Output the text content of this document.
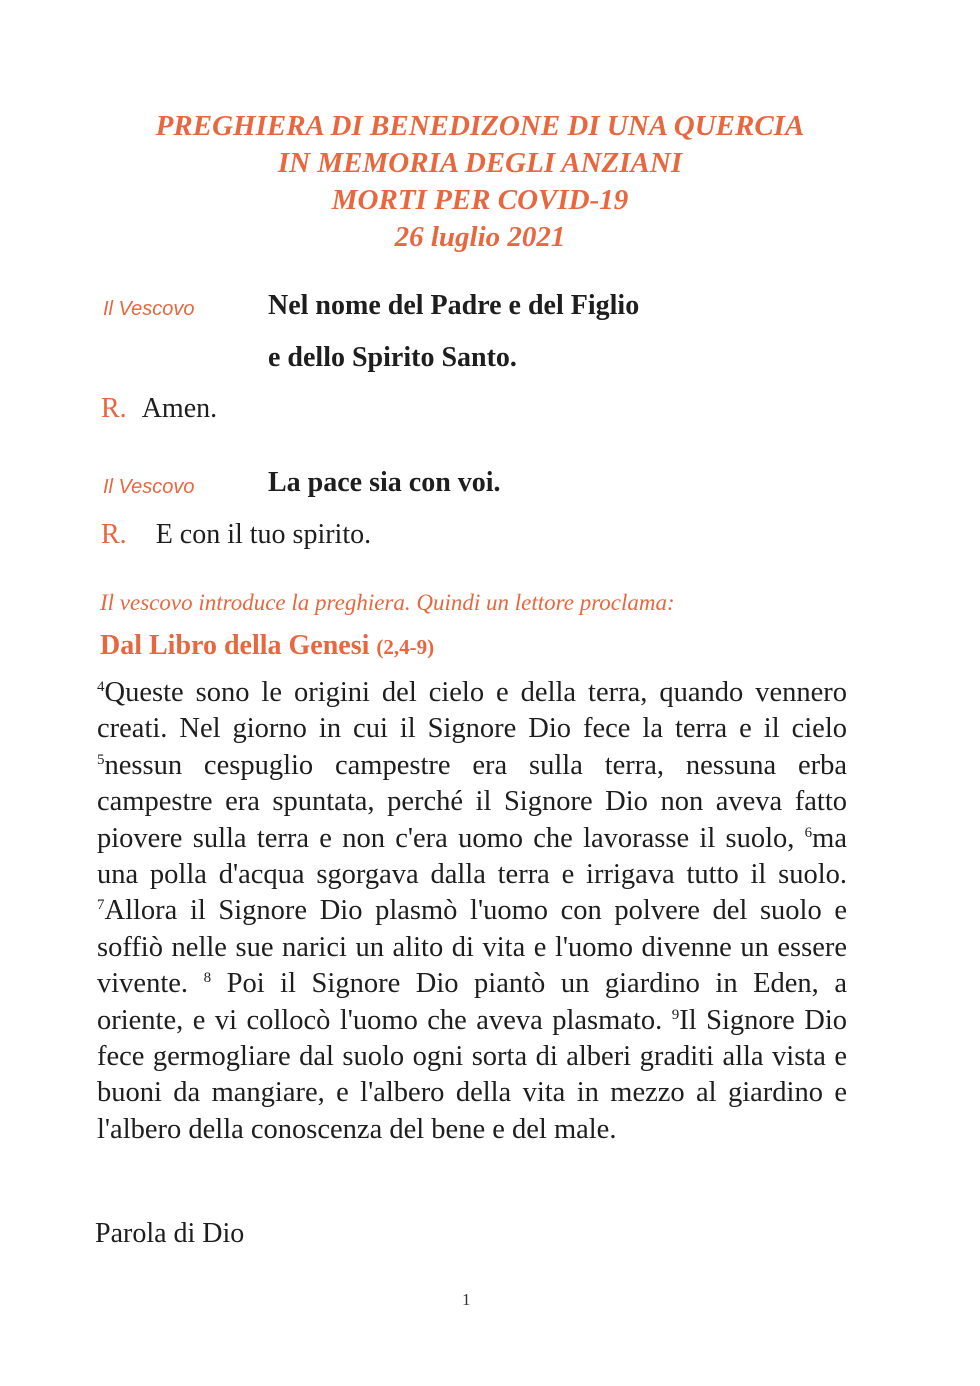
PREGHIERA DI BENEDIZONE DI UNA QUERCIA
IN MEMORIA DEGLI ANZIANI
MORTI PER COVID-19
26 luglio 2021
Il Vescovo	Nel nome del Padre e del Figlio
e dello Spirito Santo.
R. Amen.
Il Vescovo	La pace sia con voi.
R. E con il tuo spirito.
Il vescovo introduce la preghiera. Quindi un lettore proclama:
Dal Libro della Genesi (2,4-9)
$^4$Queste sono le origini del cielo e della terra, quando vennero creati. Nel giorno in cui il Signore Dio fece la terra e il cielo $^5$nessun cespuglio campestre era sulla terra, nessuna erba campestre era spuntata, perché il Signore Dio non aveva fatto piovere sulla terra e non c'era uomo che lavorasse il suolo, $^6$ma una polla d'acqua sgorgava dalla terra e irrigava tutto il suolo. $^7$Allora il Signore Dio plasmò l'uomo con polvere del suolo e soffiò nelle sue narici un alito di vita e l'uomo divenne un essere vivente. $^8$ Poi il Signore Dio piantò un giardino in Eden, a oriente, e vi collocò l'uomo che aveva plasmato. $^9$Il Signore Dio fece germogliare dal suolo ogni sorta di alberi graditi alla vista e buoni da mangiare, e l'albero della vita in mezzo al giardino e l'albero della conoscenza del bene e del male.
Parola di Dio
1
